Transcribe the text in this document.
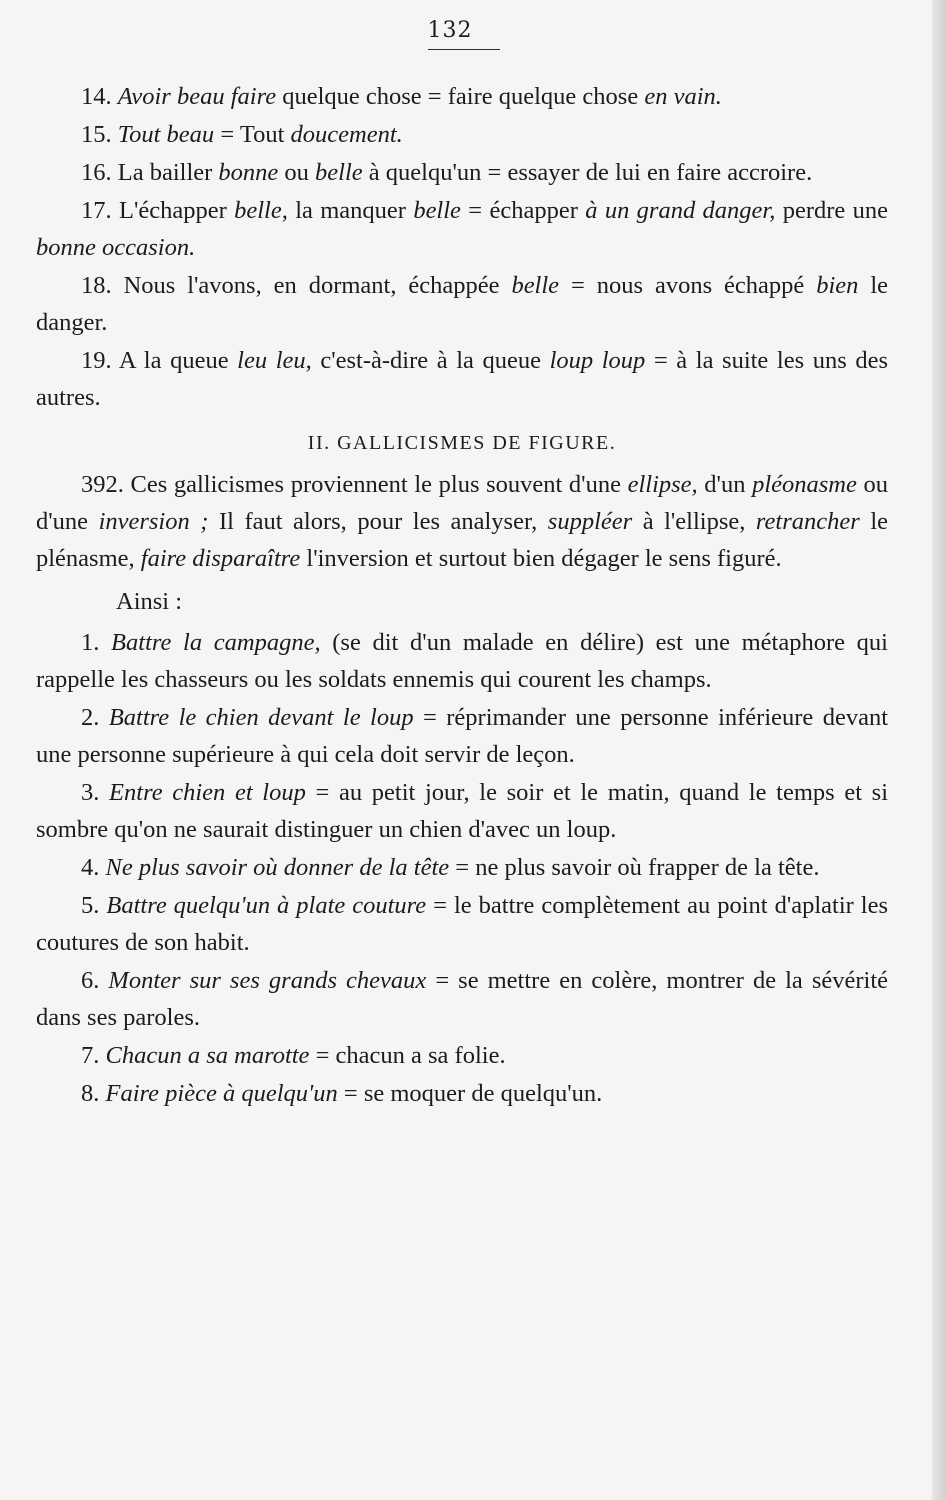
132

14. Avoir beau faire quelque chose = faire quelque chose en vain.

15. Tout beau = Tout doucement.

16. La bailler bonne ou belle à quelqu'un = essayer de lui en faire accroire.

17. L'échapper belle, la manquer belle = échapper à un grand danger, perdre une bonne occasion.

18. Nous l'avons, en dormant, échappée belle = nous avons échappé bien le danger.

19. A la queue leu leu, c'est-à-dire à la queue loup loup = à la suite les uns des autres.

II. GALLICISMES DE FIGURE.

392. Ces gallicismes proviennent le plus souvent d'une ellipse, d'un pléonasme ou d'une inversion ; Il faut alors, pour les analyser, suppléer à l'ellipse, retrancher le plénasme, faire disparaître l'inversion et surtout bien dégager le sens figuré.

Ainsi :

1. Battre la campagne, (se dit d'un malade en délire) est une métaphore qui rappelle les chasseurs ou les soldats ennemis qui courent les champs.

2. Battre le chien devant le loup = réprimander une personne inférieure devant une personne supérieure à qui cela doit servir de leçon.

3. Entre chien et loup = au petit jour, le soir et le matin, quand le temps et si sombre qu'on ne saurait distinguer un chien d'avec un loup.

4. Ne plus savoir où donner de la tête = ne plus savoir où frapper de la tête.

5. Battre quelqu'un à plate couture = le battre complètement au point d'aplatir les coutures de son habit.

6. Monter sur ses grands chevaux = se mettre en colère, montrer de la sévérité dans ses paroles.

7. Chacun a sa marotte = chacun a sa folie.

8. Faire pièce à quelqu'un = se moquer de quelqu'un.
